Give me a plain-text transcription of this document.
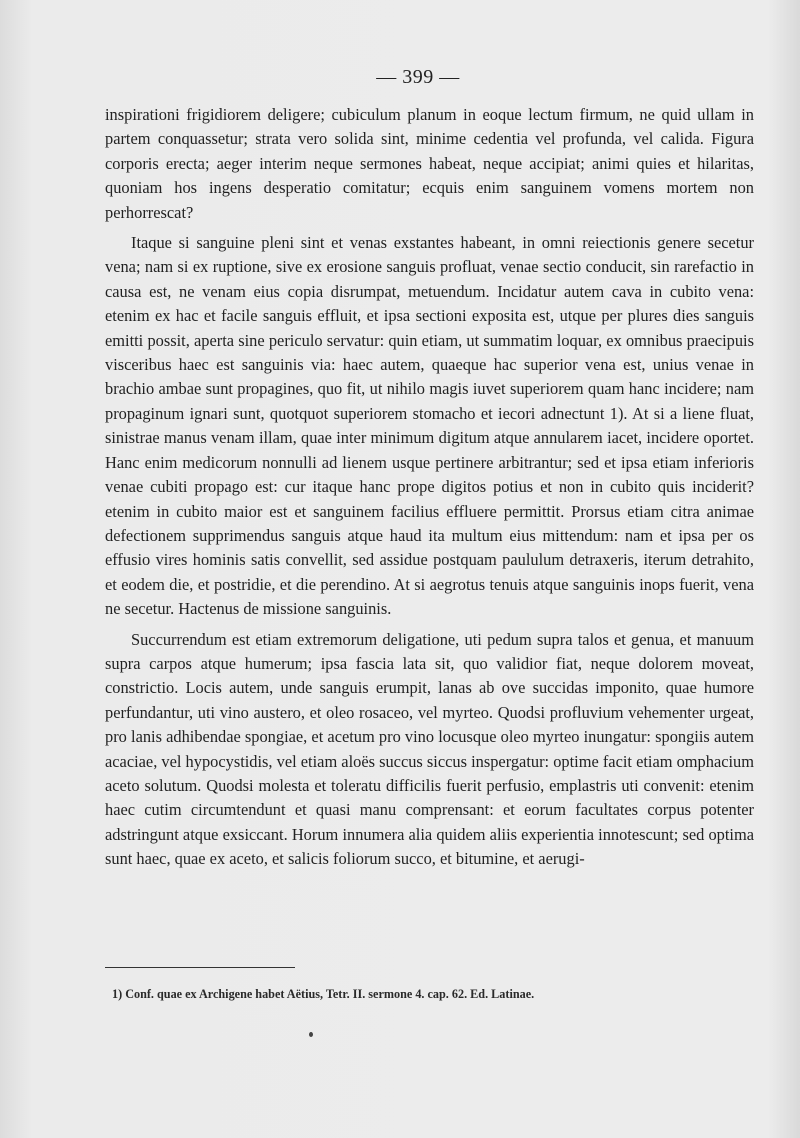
— 399 —

inspirationi frigidiorem deligere; cubiculum planum in eoque lectum firmum, ne quid ullam in partem conquassetur; strata vero solida sint, minime cedentia vel profunda, vel calida. Figura corporis erecta; aeger interim neque sermones habeat, neque accipiat; animi quies et hilaritas, quoniam hos ingens desperatio comitatur; ecquis enim sanguinem vomens mortem non perhorrescat?

Itaque si sanguine pleni sint et venas exstantes habeant, in omni reiectionis genere secetur vena; nam si ex ruptione, sive ex erosione sanguis profluat, venae sectio conducit, sin rarefactio in causa est, ne venam eius copia disrumpat, metuendum. Incidatur autem cava in cubito vena: etenim ex hac et facile sanguis effluit, et ipsa sectioni exposita est, utque per plures dies sanguis emitti possit, aperta sine periculo servatur: quin etiam, ut summatim loquar, ex omnibus praecipuis visceribus haec est sanguinis via: haec autem, quaeque hac superior vena est, unius venae in brachio ambae sunt propagines, quo fit, ut nihilo magis iuvet superiorem quam hanc incidere; nam propaginum ignari sunt, quotquot superiorem stomacho et iecori adnectunt 1). At si a liene fluat, sinistrae manus venam illam, quae inter minimum digitum atque annularem iacet, incidere oportet. Hanc enim medicorum nonnulli ad lienem usque pertinere arbitrantur; sed et ipsa etiam inferioris venae cubiti propago est: cur itaque hanc prope digitos potius et non in cubito quis inciderit? etenim in cubito maior est et sanguinem facilius effluere permittit. Prorsus etiam citra animae defectionem supprimendus sanguis atque haud ita multum eius mittendum: nam et ipsa per os effusio vires hominis satis convellit, sed assidue postquam paululum detraxeris, iterum detrahito, et eodem die, et postridie, et die perendino. At si aegrotus tenuis atque sanguinis inops fuerit, vena ne secetur. Hactenus de missione sanguinis.

Succurrendum est etiam extremorum deligatione, uti pedum supra talos et genua, et manuum supra carpos atque humerum; ipsa fascia lata sit, quo validior fiat, neque dolorem moveat, constrictio. Locis autem, unde sanguis erumpit, lanas ab ove succidas imponito, quae humore perfundantur, uti vino austero, et oleo rosaceo, vel myrteo. Quodsi profluvium vehementer urgeat, pro lanis adhibendae spongiae, et acetum pro vino locusque oleo myrteo inungatur: spongiis autem acaciae, vel hypocystidis, vel etiam aloës succus siccus inspergatur: optime facit etiam omphacium aceto solutum. Quodsi molesta et toleratu difficilis fuerit perfusio, emplastris uti convenit: etenim haec cutim circumtendunt et quasi manu comprensant: et eorum facultates corpus potenter adstringunt atque exsiccant. Horum innumera alia quidem aliis experientia innotescunt; sed optima sunt haec, quae ex aceto, et salicis foliorum succo, et bitumine, et aerugi-

1) Conf. quae ex Archigene habet Aëtius, Tetr. II. sermone 4. cap. 62. Ed. Latinae.
